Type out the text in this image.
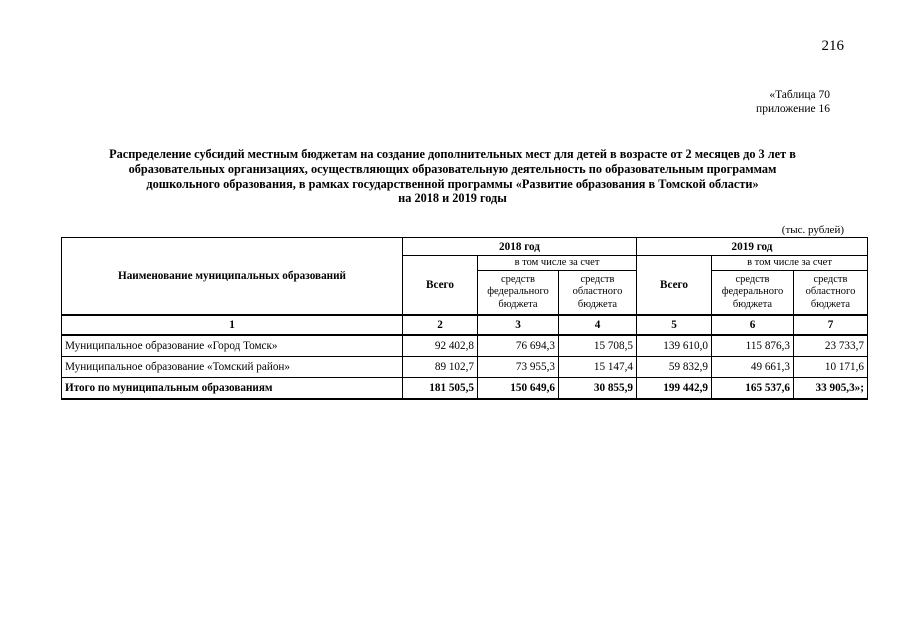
216
«Таблица 70
приложение 16
Распределение субсидий местным бюджетам на создание дополнительных мест для детей в возрасте от 2 месяцев до 3 лет в
образовательных организациях, осуществляющих образовательную деятельность по образовательным программам
дошкольного образования, в рамках государственной программы «Развитие образования в Томской области»
на 2018 и 2019 годы
(тыс. рублей)
Наименование муниципальных образований	2018 год			2019 год		
	Всего	в том числе за счет		Всего	в том числе за счет	
		средств федерального бюджета	средств областного бюджета		средств федерального бюджета	средств областного бюджета
1	2	3	4	5	6	7
Муниципальное образование «Город Томск»	92 402,8	76 694,3	15 708,5	139 610,0	115 876,3	23 733,7
Муниципальное образование «Томский район»	89 102,7	73 955,3	15 147,4	59 832,9	49 661,3	10 171,6
Итого по муниципальным образованиям	181 505,5	150 649,6	30 855,9	199 442,9	165 537,6	33 905,3»;
